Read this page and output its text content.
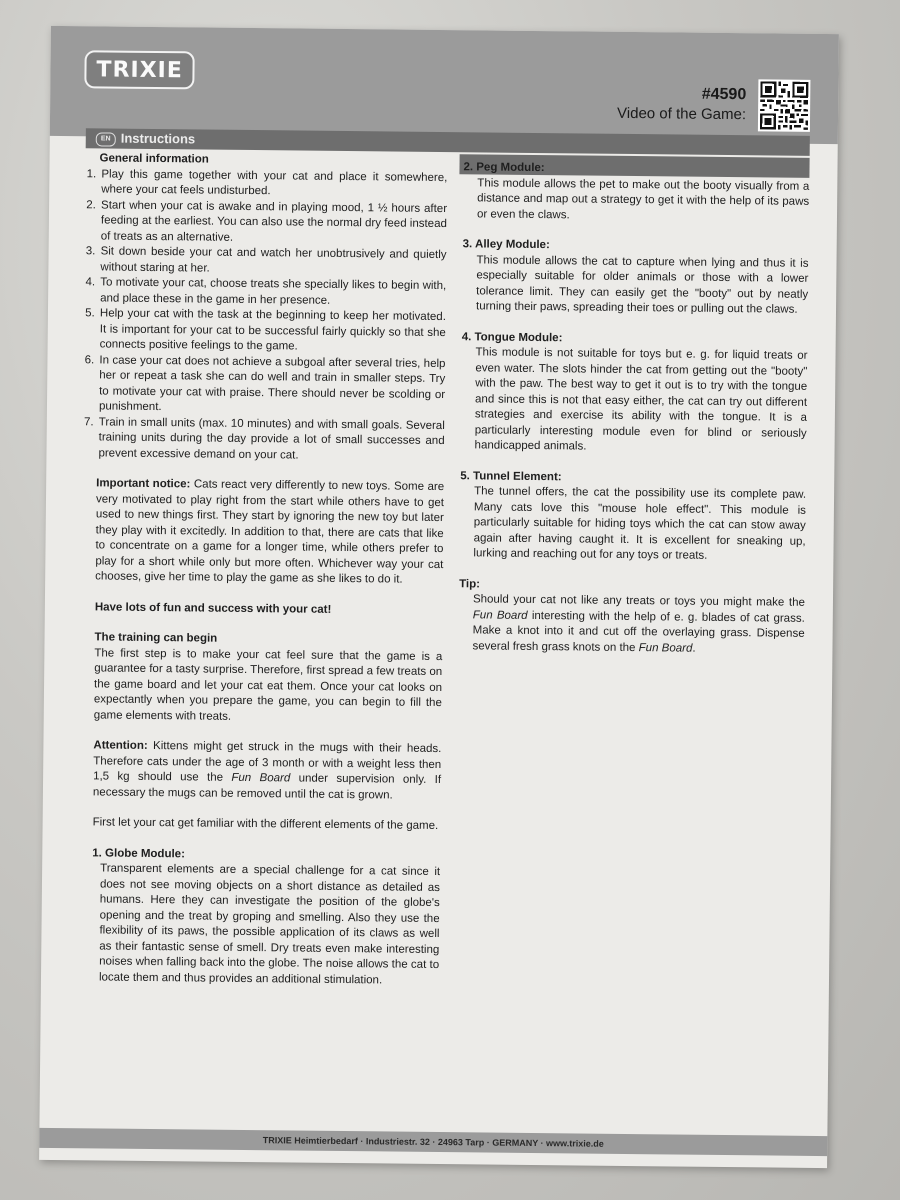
TRIXIE
#4590
Video of the Game:
EN Instructions
General information
1. Play this game together with your cat and place it somewhere, where your cat feels undisturbed.
2. Start when your cat is awake and in playing mood, 1 ½ hours after feeding at the earliest. You can also use the normal dry feed instead of treats as an alternative.
3. Sit down beside your cat and watch her unobtrusively and quietly without staring at her.
4. To motivate your cat, choose treats she specially likes to begin with, and place these in the game in her presence.
5. Help your cat with the task at the beginning to keep her motivated. It is important for your cat to be successful fairly quickly so that she connects positive feelings to the game.
6. In case your cat does not achieve a subgoal after several tries, help her or repeat a task she can do well and train in smaller steps. Try to motivate your cat with praise. There should never be scolding or punishment.
7. Train in small units (max. 10 minutes) and with small goals. Several training units during the day provide a lot of small successes and prevent excessive demand on your cat.

Important notice: Cats react very differently to new toys. Some are very motivated to play right from the start while others have to get used to new things first. They start by ignoring the new toy but later they play with it excitedly. In addition to that, there are cats that like to concentrate on a game for a longer time, while others prefer to play for a short while only but more often. Whichever way your cat chooses, give her time to play the game as she likes to do it.

Have lots of fun and success with your cat!

The training can begin

The first step is to make your cat feel sure that the game is a guarantee for a tasty surprise. Therefore, first spread a few treats on the game board and let your cat eat them. Once your cat looks on expectantly when you prepare the game, you can begin to fill the game elements with treats.

Attention: Kittens might get struck in the mugs with their heads. Therefore cats under the age of 3 month or with a weight less then 1,5 kg should use the Fun Board under supervision only. If necessary the mugs can be removed until the cat is grown.

First let your cat get familiar with the different elements of the game.

1. Globe Module:

Transparent elements are a special challenge for a cat since it does not see moving objects on a short distance as detailed as humans. Here they can investigate the position of the globe's opening and the treat by groping and smelling. Also they use the flexibility of its paws, the possible application of its claws as well as their fantastic sense of smell. Dry treats even make interesting noises when falling back into the globe. The noise allows the cat to locate them and thus provides an additional stimulation.

2. Peg Module:

This module allows the pet to make out the booty visually from a distance and map out a strategy to get it with the help of its paws or even the claws.

3. Alley Module:

This module allows the cat to capture when lying and thus it is especially suitable for older animals or those with a lower tolerance limit. They can easily get the "booty" out by neatly turning their paws, spreading their toes or pulling out the claws.

4. Tongue Module:

This module is not suitable for toys but e. g. for liquid treats or even water. The slots hinder the cat from getting out the "booty" with the paw. The best way to get it out is to try with the tongue and since this is not that easy either, the cat can try out different strategies and exercise its ability with the tongue. It is a particularly interesting module even for blind or seriously handicapped animals.

5. Tunnel Element:

The tunnel offers, the cat the possibility use its complete paw. Many cats love this "mouse hole effect". This module is particularly suitable for hiding toys which the cat can stow away again after having caught it. It is excellent for sneaking up, lurking and reaching out for any toys or treats.

Tip:

Should your cat not like any treats or toys you might make the Fun Board interesting with the help of e. g. blades of cat grass. Make a knot into it and cut off the overlaying grass. Dispense several fresh grass knots on the Fun Board.

TRIXIE Heimtierbedarf · Industriestr. 32 · 24963 Tarp · GERMANY · www.trixie.de
